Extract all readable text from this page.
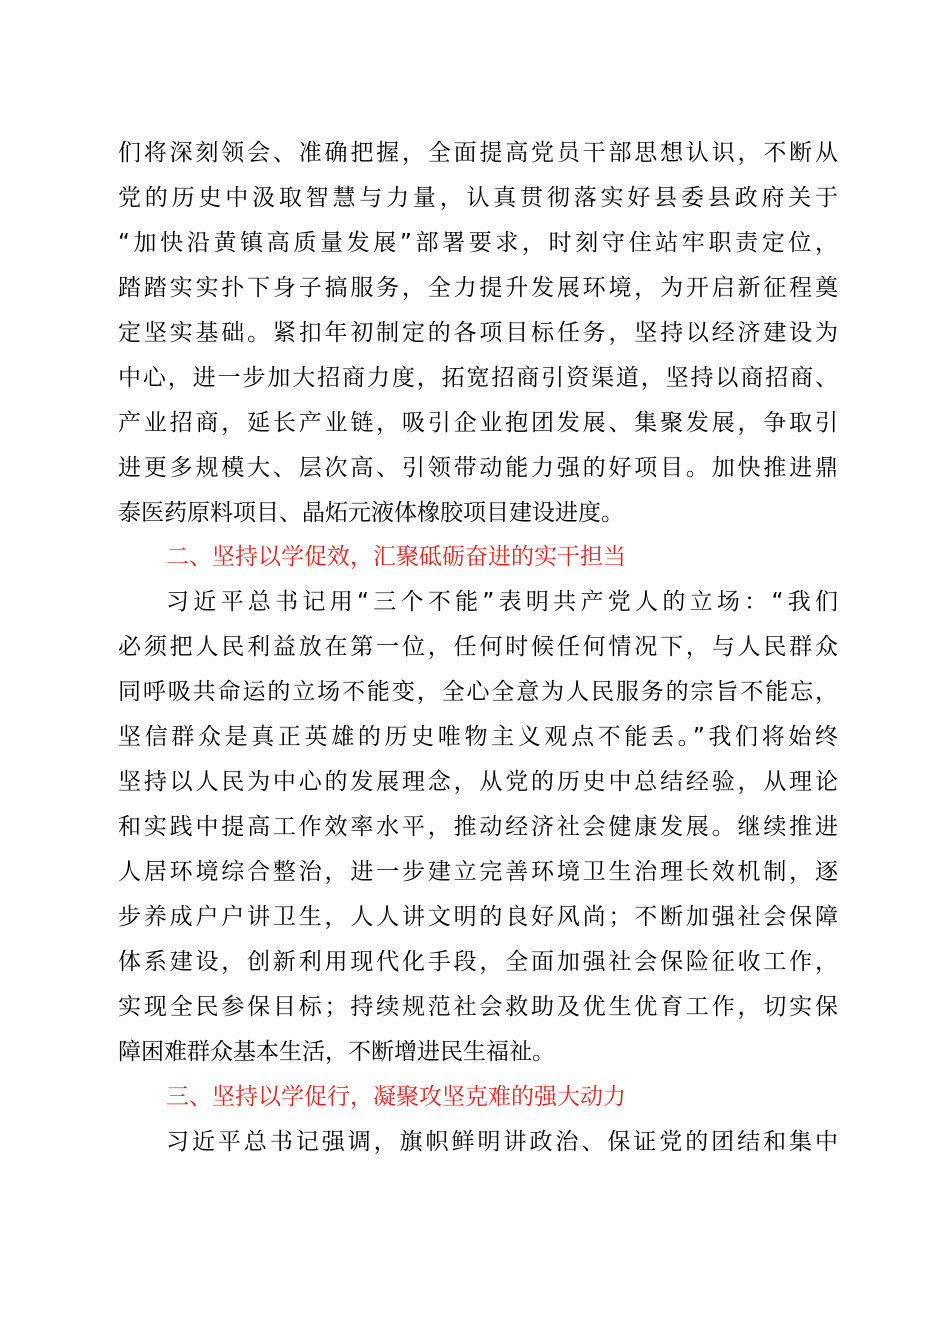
们将深刻领会、准确把握，全面提高党员干部思想认识，不断从
党的历史中汲取智慧与力量，认真贯彻落实好县委县政府关于
“加快沿黄镇高质量发展”部署要求，时刻守住站牢职责定位，
踏踏实实扑下身子搞服务，全力提升发展环境，为开启新征程奠
定坚实基础。紧扣年初制定的各项目标任务，坚持以经济建设为
中心，进一步加大招商力度，拓宽招商引资渠道，坚持以商招商、
产业招商，延长产业链，吸引企业抱团发展、集聚发展，争取引
进更多规模大、层次高、引领带动能力强的好项目。加快推进鼎
泰医药原料项目、晶炻元液体橡胶项目建设进度。
二、坚持以学促效，汇聚砥砺奋进的实干担当
习近平总书记用“三个不能”表明共产党人的立场：“我们
必须把人民利益放在第一位，任何时候任何情况下，与人民群众
同呼吸共命运的立场不能变，全心全意为人民服务的宗旨不能忘，
坚信群众是真正英雄的历史唯物主义观点不能丢。”我们将始终
坚持以人民为中心的发展理念，从党的历史中总结经验，从理论
和实践中提高工作效率水平，推动经济社会健康发展。继续推进
人居环境综合整治，进一步建立完善环境卫生治理长效机制，逐
步养成户户讲卫生，人人讲文明的良好风尚；不断加强社会保障
体系建设，创新利用现代化手段，全面加强社会保险征收工作，
实现全民参保目标；持续规范社会救助及优生优育工作，切实保
障困难群众基本生活，不断增进民生福祉。
三、坚持以学促行，凝聚攻坚克难的强大动力
习近平总书记强调，旗帜鲜明讲政治、保证党的团结和集中
